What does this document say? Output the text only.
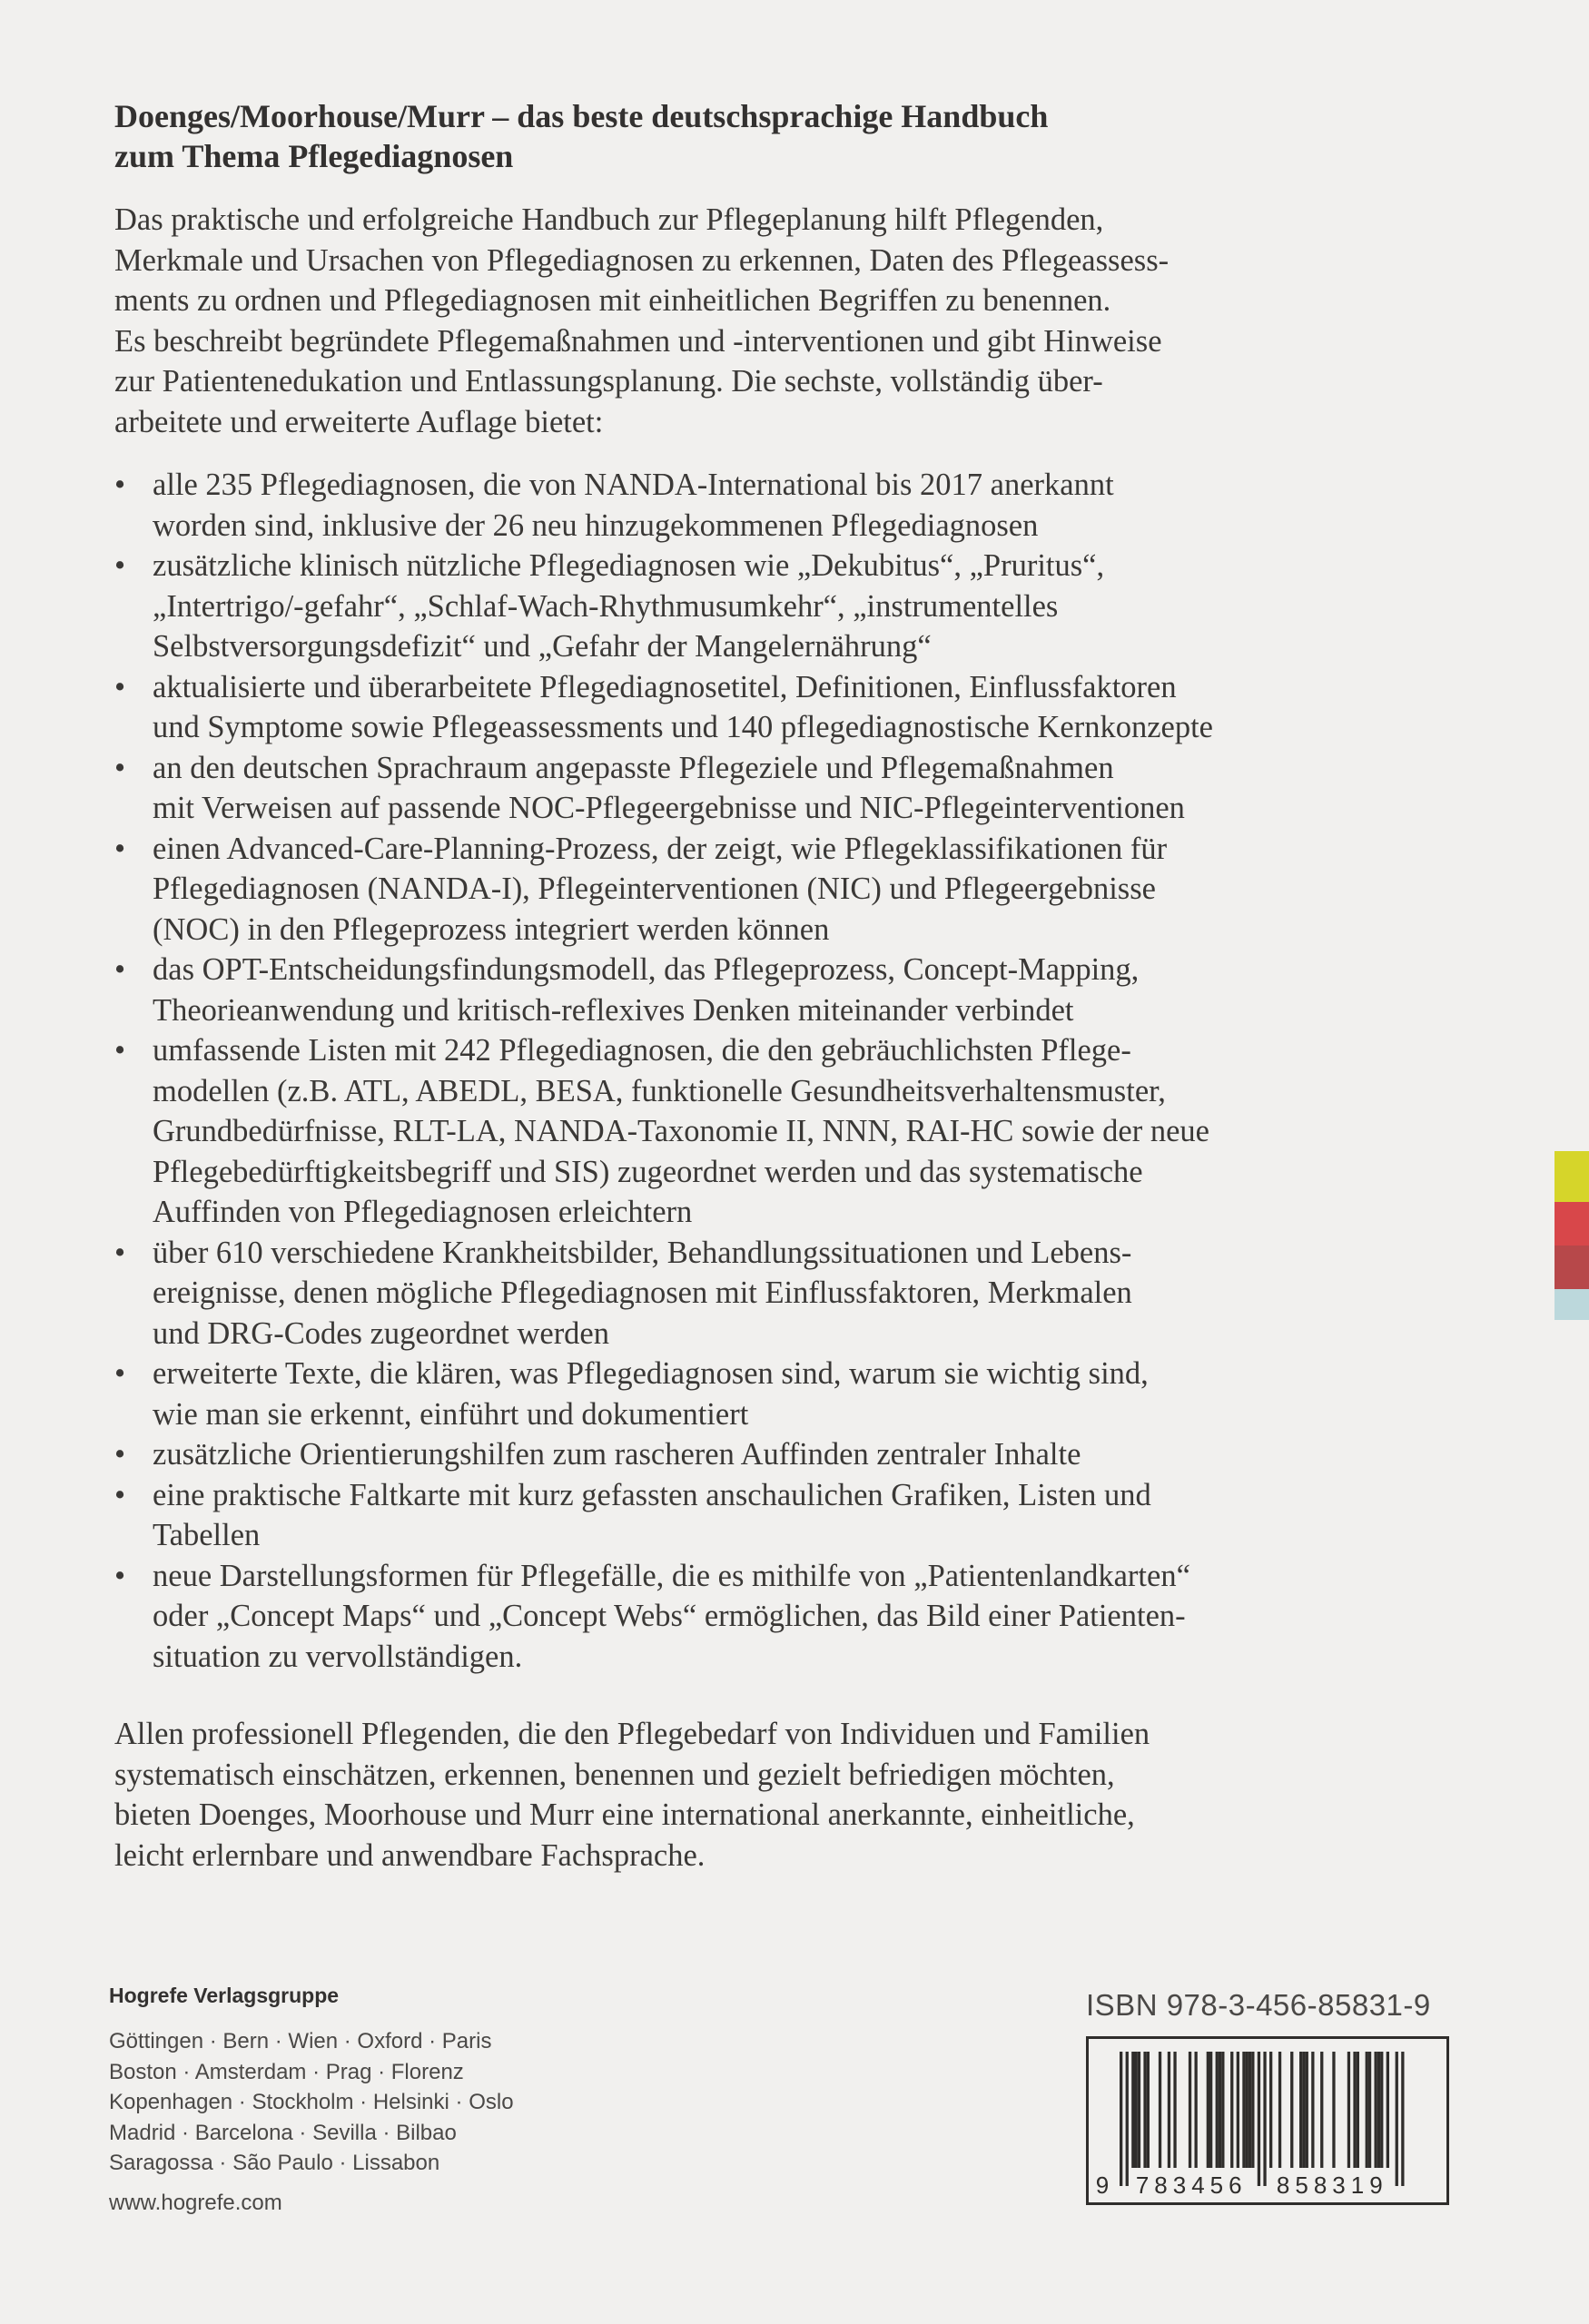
Doenges/Moorhouse/Murr – das beste deutschsprachige Handbuch
zum Thema Pflegediagnosen

Das praktische und erfolgreiche Handbuch zur Pflegeplanung hilft Pflegenden,
Merkmale und Ursachen von Pflegediagnosen zu erkennen, Daten des Pflegeassess-
ments zu ordnen und Pflegediagnosen mit einheitlichen Begriffen zu benennen.
Es beschreibt begründete Pflegemaßnahmen und -interventionen und gibt Hinweise
zur Patientenedukation und Entlassungsplanung. Die sechste, vollständig über-
arbeitete und erweiterte Auflage bietet:

• alle 235 Pflegediagnosen, die von NANDA-International bis 2017 anerkannt
worden sind, inklusive der 26 neu hinzugekommenen Pflegediagnosen
• zusätzliche klinisch nützliche Pflegediagnosen wie „Dekubitus“, „Pruritus“,
„Intertrigo/-gefahr“, „Schlaf-Wach-Rhythmusumkehr“, „instrumentelles
Selbstversorgungsdefizit“ und „Gefahr der Mangelernährung“
• aktualisierte und überarbeitete Pflegediagnosetitel, Definitionen, Einflussfaktoren
und Symptome sowie Pflegeassessments und 140 pflegediagnostische Kernkonzepte
• an den deutschen Sprachraum angepasste Pflegeziele und Pflegemaßnahmen
mit Verweisen auf passende NOC-Pflegeergebnisse und NIC-Pflegeinterventionen
• einen Advanced-Care-Planning-Prozess, der zeigt, wie Pflegeklassifikationen für
Pflegediagnosen (NANDA-I), Pflegeinterventionen (NIC) und Pflegeergebnisse
(NOC) in den Pflegeprozess integriert werden können
• das OPT-Entscheidungsfindungsmodell, das Pflegeprozess, Concept-Mapping,
Theorieanwendung und kritisch-reflexives Denken miteinander verbindet
• umfassende Listen mit 242 Pflegediagnosen, die den gebräuchlichsten Pflege-
modellen (z.B. ATL, ABEDL, BESA, funktionelle Gesundheitsverhaltensmuster,
Grundbedürfnisse, RLT-LA, NANDA-Taxonomie II, NNN, RAI-HC sowie der neue
Pflegebedürftigkeitsbegriff und SIS) zugeordnet werden und das systematische
Auffinden von Pflegediagnosen erleichtern
• über 610 verschiedene Krankheitsbilder, Behandlungssituationen und Lebens-
ereignisse, denen mögliche Pflegediagnosen mit Einflussfaktoren, Merkmalen
und DRG-Codes zugeordnet werden
• erweiterte Texte, die klären, was Pflegediagnosen sind, warum sie wichtig sind,
wie man sie erkennt, einführt und dokumentiert
• zusätzliche Orientierungshilfen zum rascheren Auffinden zentraler Inhalte
• eine praktische Faltkarte mit kurz gefassten anschaulichen Grafiken, Listen und
Tabellen
• neue Darstellungsformen für Pflegefälle, die es mithilfe von „Patientenlandkarten“
oder „Concept Maps“ und „Concept Webs“ ermöglichen, das Bild einer Patienten-
situation zu vervollständigen.

Allen professionell Pflegenden, die den Pflegebedarf von Individuen und Familien
systematisch einschätzen, erkennen, benennen und gezielt befriedigen möchten,
bieten Doenges, Moorhouse und Murr eine international anerkannte, einheitliche,
leicht erlernbare und anwendbare Fachsprache.

Hogrefe Verlagsgruppe

Göttingen · Bern · Wien · Oxford · Paris
Boston · Amsterdam · Prag · Florenz
Kopenhagen · Stockholm · Helsinki · Oslo
Madrid · Barcelona · Sevilla · Bilbao
Saragossa · São Paulo · Lissabon

www.hogrefe.com

ISBN 978-3-456-85831-9

9 783456 858319
